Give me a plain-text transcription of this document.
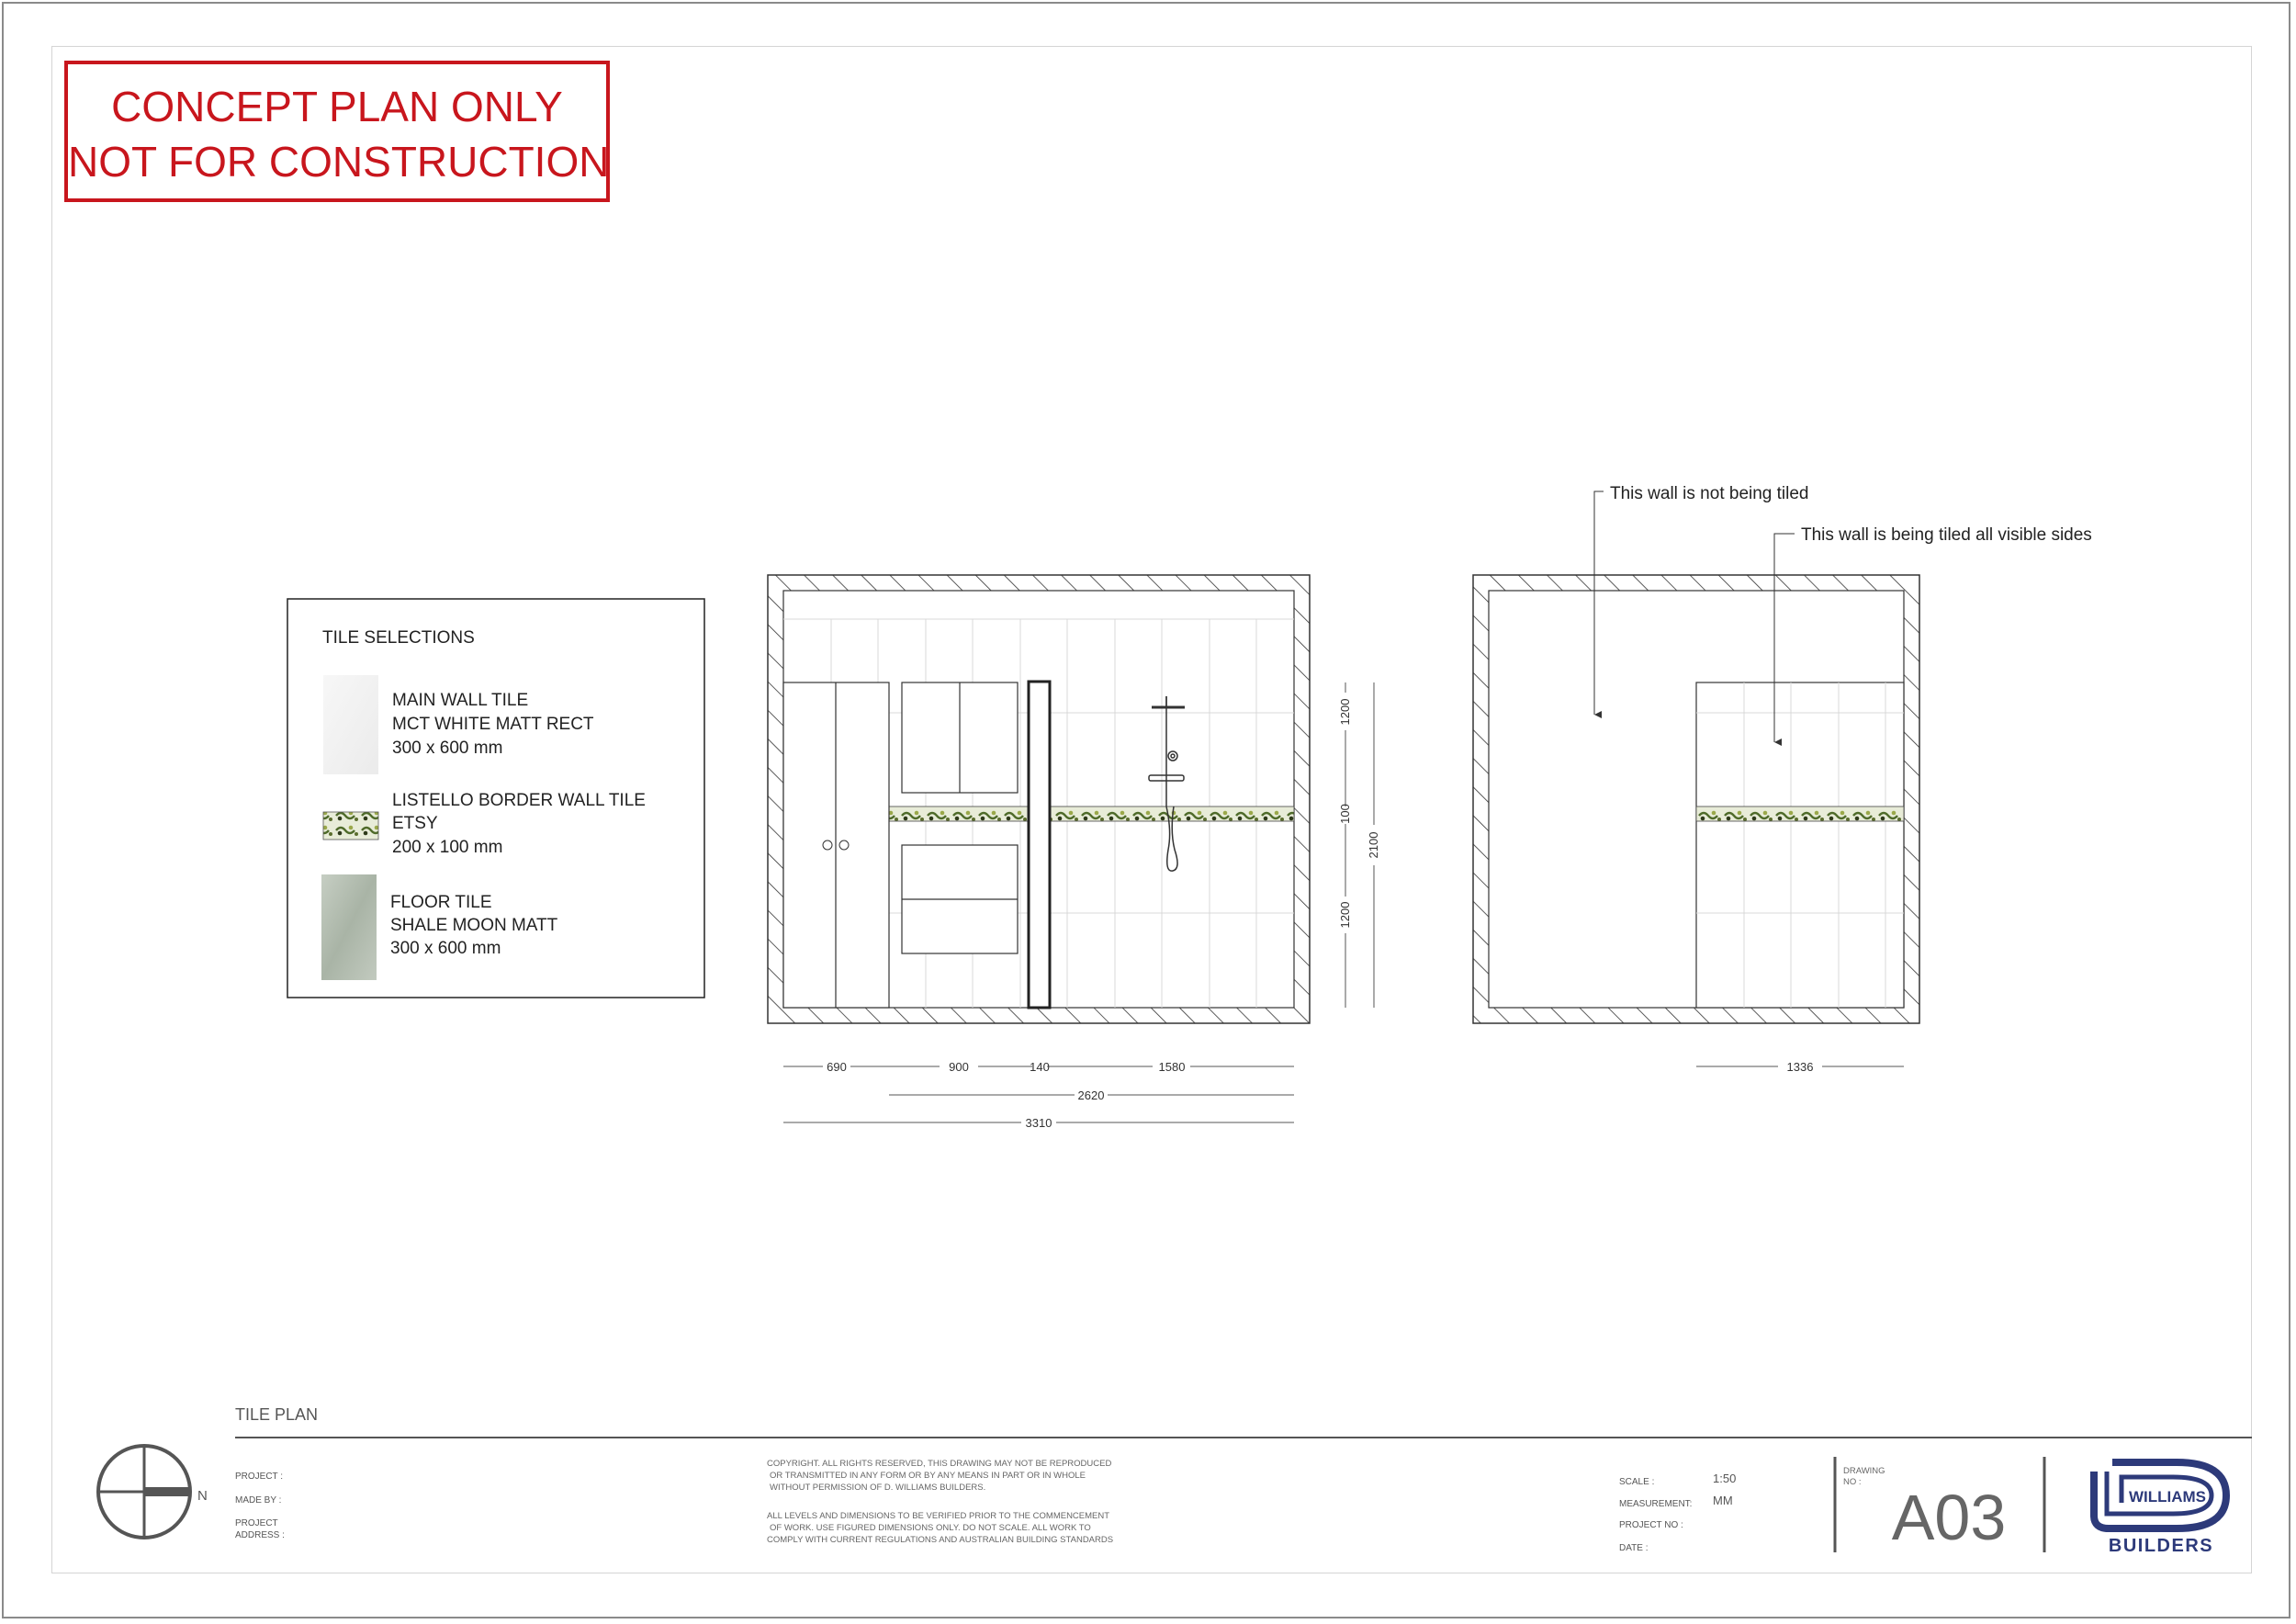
CONCEPT PLAN ONLY
NOT FOR CONSTRUCTION
TILE SELECTIONS
MAIN WALL TILE
MCT WHITE MATT RECT
300 x 600 mm
LISTELLO BORDER WALL TILE
ETSY
200 x 100 mm
FLOOR TILE
SHALE MOON MATT
300 x 600 mm
690	900	140	1580
2620
3310
1200
100
1200
2100
This wall is not being tiled
This wall is being tiled all visible sides
1336
TILE PLAN
N
PROJECT :
MADE BY :
PROJECT
ADDRESS :
COPYRIGHT. ALL RIGHTS RESERVED, THIS DRAWING MAY NOT BE REPRODUCED
OR TRANSMITTED IN ANY FORM OR BY ANY MEANS IN PART OR IN WHOLE
WITHOUT PERMISSION OF D. WILLIAMS BUILDERS.
ALL LEVELS AND DIMENSIONS TO BE VERIFIED PRIOR TO THE COMMENCEMENT
OF WORK. USE FIGURED DIMENSIONS ONLY. DO NOT SCALE. ALL WORK TO
COMPLY WITH CURRENT REGULATIONS AND AUSTRALIAN BUILDING STANDARDS
SCALE :	1:50
MEASUREMENT: MM
PROJECT NO :
DATE :
DRAWING
NO : A03	WILLIAMS
BUILDERS
